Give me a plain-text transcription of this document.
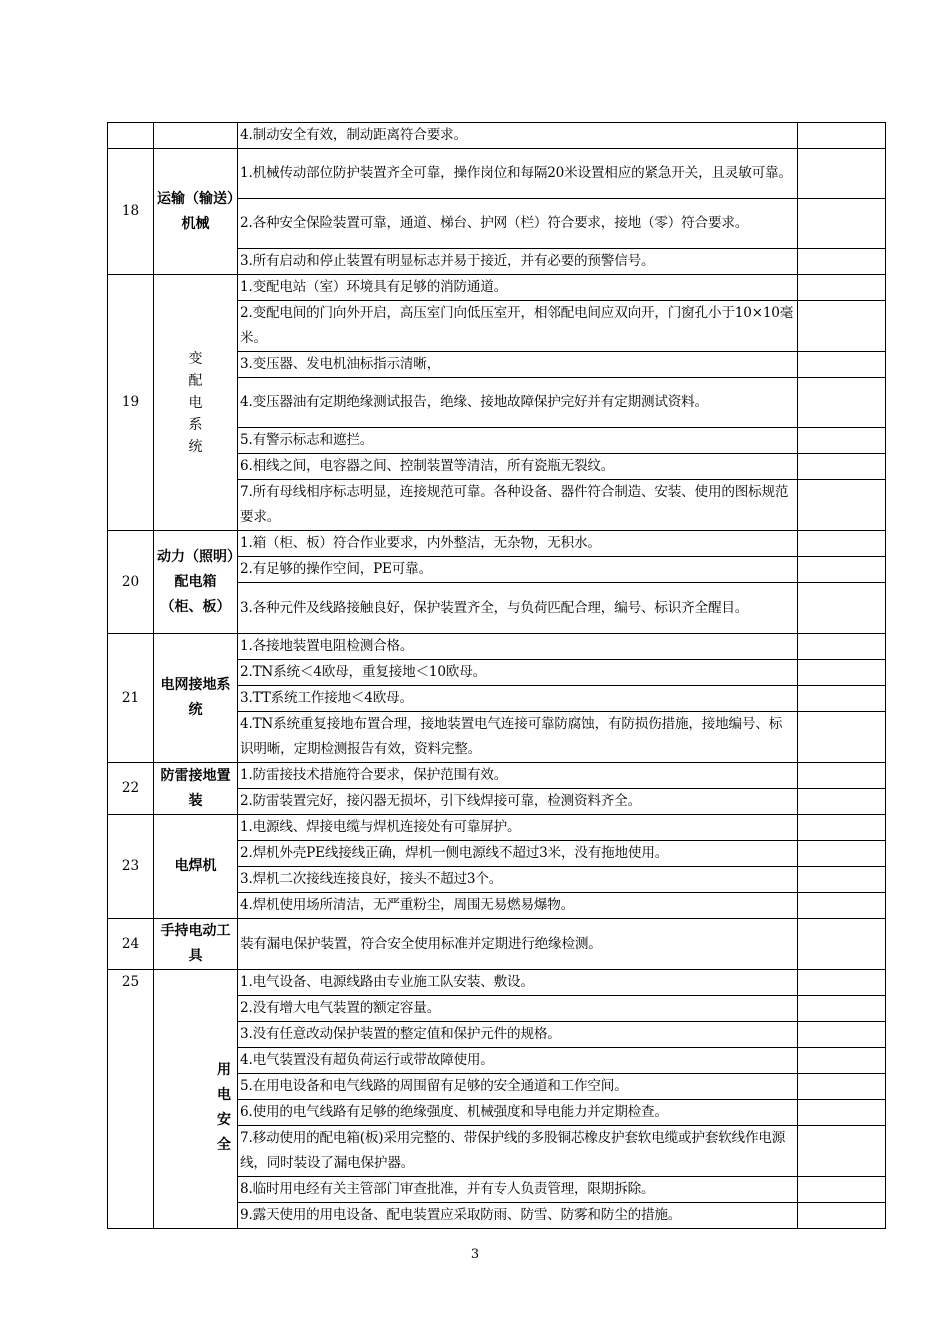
		4.制动安全有效，制动距离符合要求。	
18	运输（输送）机械	1.机械传动部位防护装置齐全可靠，操作岗位和每隔20米设置相应的紧急开关，且灵敏可靠。	
		2.各种安全保险装置可靠，通道、梯台、护网（栏）符合要求，接地（零）符合要求。	
		3.所有启动和停止装置有明显标志并易于接近，并有必要的预警信号。	
19	变配电系统	1.变配电站（室）环境具有足够的消防通道。	
		2.变配电间的门向外开启，高压室门向低压室开，相邻配电间应双向开，门窗孔小于10×10毫米。	
		3.变压器、发电机油标指示清晰，	
		4.变压器油有定期绝缘测试报告，绝缘、接地故障保护完好并有定期测试资料。	
		5.有警示标志和遮拦。	
		6.相线之间，电容器之间、控制装置等清洁，所有瓷瓶无裂纹。	
		7.所有母线相序标志明显，连接规范可靠。各种设备、器件符合制造、安装、使用的图标规范要求。	
20	动力（照明）配电箱（柜、板）	1.箱（柜、板）符合作业要求，内外整洁，无杂物，无积水。	
		2.有足够的操作空间，PE可靠。	
		3.各种元件及线路接触良好，保护装置齐全，与负荷匹配合理，编号、标识齐全醒目。	
21	电网接地系统	1.各接地装置电阻检测合格。	
		2.TN系统＜4欧母，重复接地＜10欧母。	
		3.TT系统工作接地＜4欧母。	
		4.TN系统重复接地布置合理，接地装置电气连接可靠防腐蚀，有防损伤措施，接地编号、标识明晰，定期检测报告有效，资料完整。	
22	防雷接地置装	1.防雷接技术措施符合要求，保护范围有效。	
		2.防雷装置完好，接闪器无损坏，引下线焊接可靠，检测资料齐全。	
23	电焊机	1.电源线、焊接电缆与焊机连接处有可靠屏护。	
		2.焊机外壳PE线接线正确，焊机一侧电源线不超过3米，没有拖地使用。	
		3.焊机二次接线连接良好，接头不超过3个。	
		4.焊机使用场所清洁，无严重粉尘，周围无易燃易爆物。	
24	手持电动工具	装有漏电保护装置，符合安全使用标准并定期进行绝缘检测。	
25	用电安全	1.电气设备、电源线路由专业施工队安装、敷设。	
		2.没有增大电气装置的额定容量。	
		3.没有任意改动保护装置的整定值和保护元件的规格。	
		4.电气装置没有超负荷运行或带故障使用。	
		5.在用电设备和电气线路的周围留有足够的安全通道和工作空间。	
		6.使用的电气线路有足够的绝缘强度、机械强度和导电能力并定期检查。	
		7.移动使用的配电箱(板)采用完整的、带保护线的多股铜芯橡皮护套软电缆或护套软线作电源线，同时装设了漏电保护器。	
		8.临时用电经有关主管部门审查批准，并有专人负责管理，限期拆除。	
		9.露天使用的用电设备、配电装置应采取防雨、防雪、防雾和防尘的措施。	
3
